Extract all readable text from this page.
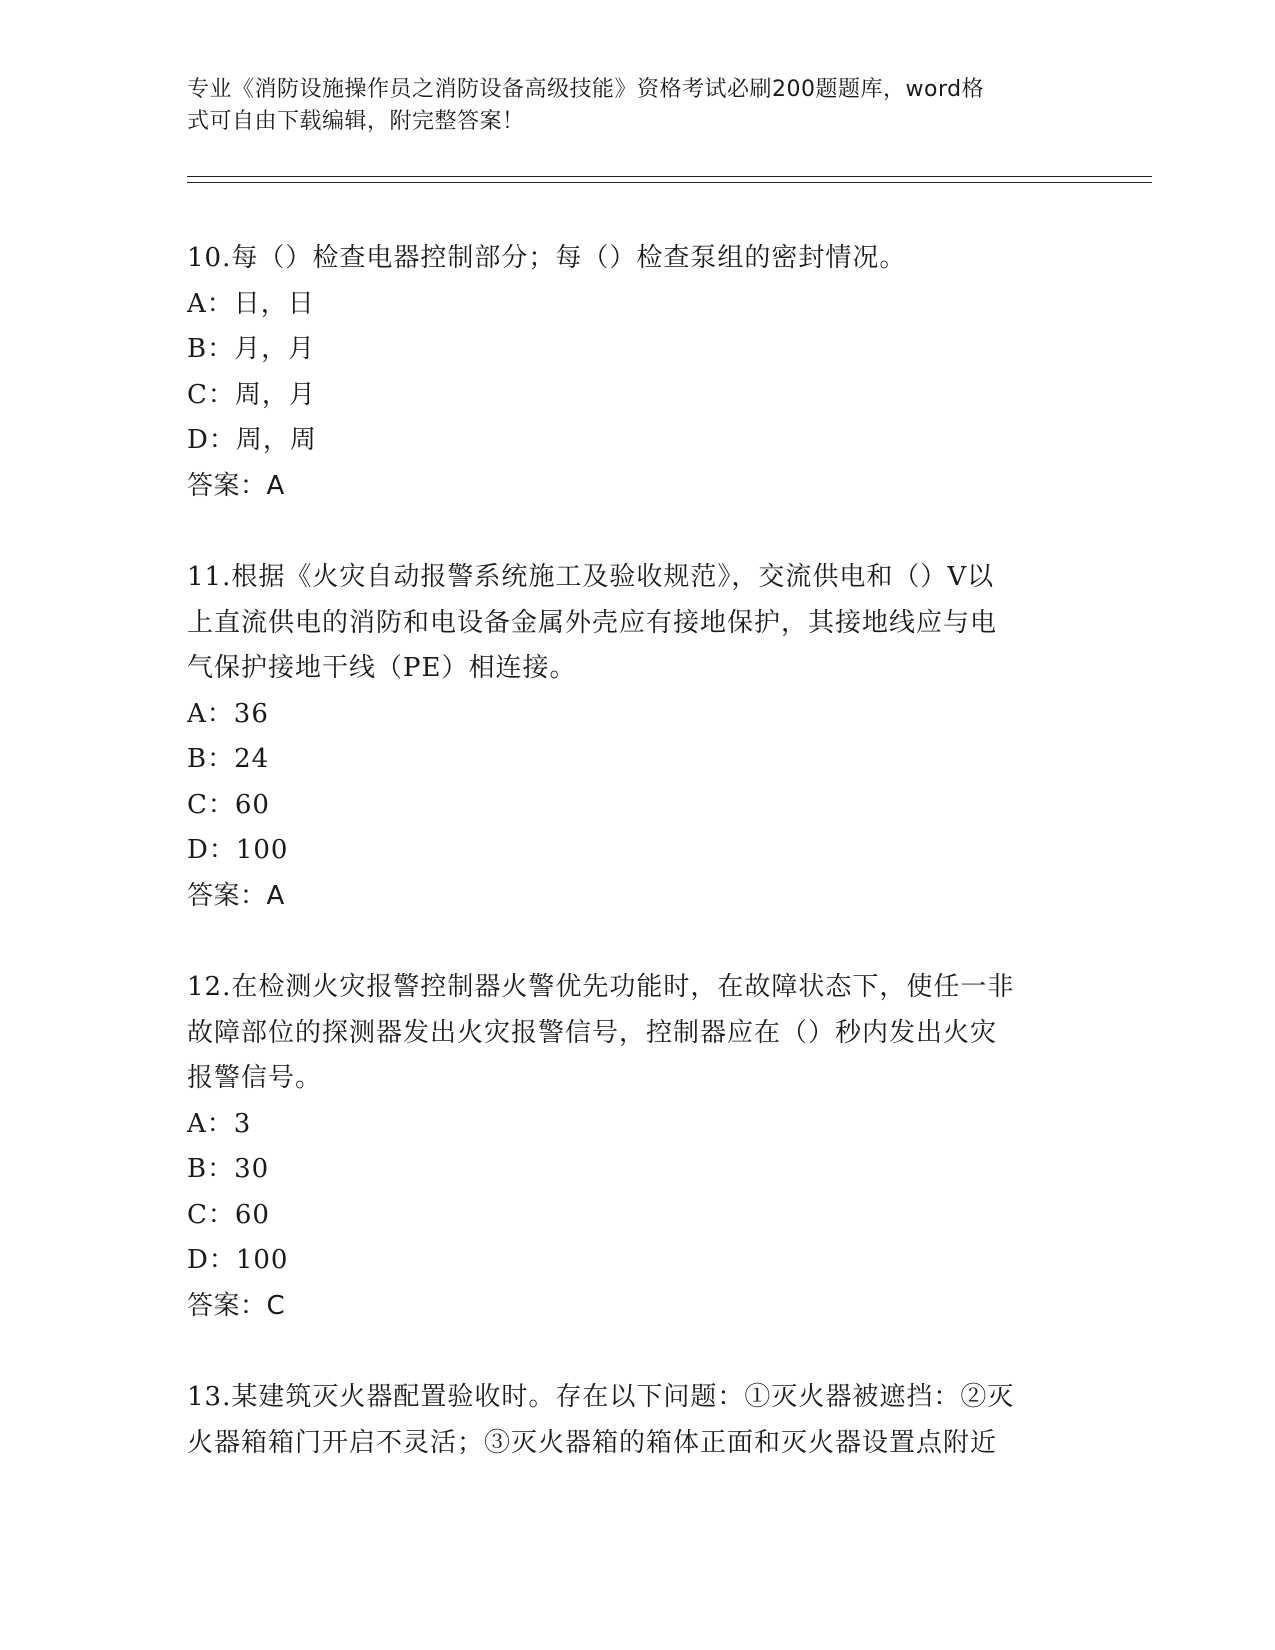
专业《消防设施操作员之消防设备高级技能》资格考试必刷200题题库，word格
式可自由下载编辑，附完整答案！

10.每（）检查电器控制部分；每（）检查泵组的密封情况。

A：日，日

B：月，月

C：周，月

D：周，周

答案：A

11.根据《火灾自动报警系统施工及验收规范》，交流供电和（）V以

上直流供电的消防和电设备金属外壳应有接地保护，其接地线应与电

气保护接地干线（PE）相连接。

A：36

B：24

C：60

D：100

答案：A

12.在检测火灾报警控制器火警优先功能时，在故障状态下，使任一非

故障部位的探测器发出火灾报警信号，控制器应在（）秒内发出火灾

报警信号。

A：3

B：30

C：60

D：100

答案：C

13.某建筑灭火器配置验收时。存在以下问题：①灭火器被遮挡：②灭

火器箱箱门开启不灵活；③灭火器箱的箱体正面和灭火器设置点附近
